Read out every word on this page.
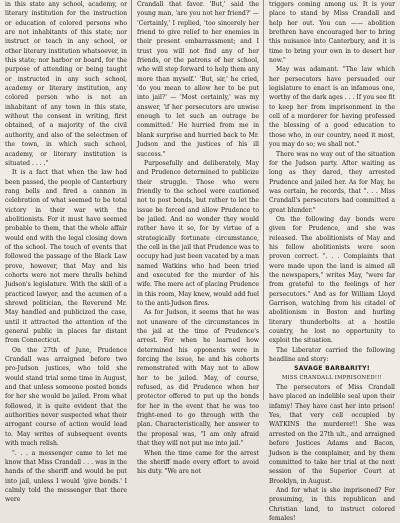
in this state any school, academy, or literary institution for the instruction or education of colored persons who are not inhabitants of this state; nor instruct or teach in any school, or other literary institution whatsoever, in this state; nor harbor or board, for the purpose of attending or being taught or instructed in any such school, academy or literary institution, any colored person who is not an inhabitant of any town in this state, without the consent in writing, first obtained, of a majority of the civil authority, and also of the selectmen of the town, in which such school, academy, or literary institution is situated . . . ."

It is a fact that when the law had been passed, the people of Canterbury rang bells and fired a cannon in celebration of what seemed to be total victory in their war with the abolitionists. For it must have seemed probable to them, that the whole affair would end with the legal closing down of the school. The touch of events that followed the passage of the Black Law prove, however, that May and his cohorts were not mere thralls behind Judson's legislature. With the skill of a practiced lawyer, and the acumen of a shrewd politician, the Reverend Mr. May handled and publicized the case, until it attracted the attention of the general public in places far distant from Connecticut.

On the 27th of June, Prudence Crandall was arraigned before two pro-Judson justices, who told she would stand trial some time in August, and that unless someone posted bonds for her she would be jailed. From what followed, it is quite evident that the authorities never suspected what their arrogant course of action would lead to. May writes of subsequent events with much relish.

". . . a messenger came to let me know that Miss Crandall . . . was in the hands of the sheriff and would be put into jail, unless I would 'give bonds.' I calmly told the messenger that there were

Crandall that favor. 'But,' said the young man, 'are you not her friend?' — 'Certainly,' I replied, 'too sincerely her friend to give relief to her enemies in their present embarrassment; and I trust you will not find any of her friends, or the patrons of her school, who will step forward to help them any more than myself.' 'But, sir,' he cried, 'do you mean to allow her to be put into jail?' — 'Most certainly,' was my answer, 'if her persecutors are unwise enough to let such an outrage be committed.' He hurried from me in blank surprise and hurried back to Mr. Judson and the justices of his ill success."

Purposefully and deliberately, May and Prudence determined to publicize their struggle. Those who were friendly to the school were cautioned not to post bonds, but rather to let the issue be forced and allow Prudence to be jailed. And no wonder they would rather have it so, for by virtue of a strategically fortunate circumstance, the cell in the jail that Prudence was to occupy had just been vacated by a man named Watkins who had been tried and executed for the murder of his wife. The mere act of placing Prudence in this room, May knew, would add fuel to the anti-Judson fires.

As for Judson, it seems that he was not unaware of the circumstances in the jail at the time of Prudence's arrest. For when he learned how determined his opponents were in forcing the issue, he and his cohorts remonstrated with May not to allow her to be jailed. May, of course, refused, as did Prudence when her protector offered to put up the bonds for her in the event that he was too fright-ened to go through with the plan. Characteristically, her answer to the proposal was, "I am only afraid that they will not put me into jail."

When the time came for the arrest the sheriff made every effort to avoid his duty. "We are not

triggers coming among us. It is your place to stand by Miss Crandall and help her out. You can —— abolition brethren have encouraged her to bring this nuisance into Canterbury, and it is time to bring your own in to desert her now."

May was adamant. "The law which her persecutors have persuaded our legislature to enact is an infamous one, worthy of the dark ages . . . If you see fit to keep her from imprisonment in the cell of a murderer for having professed the blessing of a good education to those who, in our country, need it most, you may do so; we shall not."

There was no way out of the situation for the Judson party. After waiting as long as they dared, they arrested Prudence and jailed her. As for May, he was certain, he records, that ". . . Miss Crandall's persecutors had committed a great blunder."

On the following day bonds were given for Prudence, and she was released. The abolitionists of May and his fellow abolitionists were soon proven correct. ". . . Complaints that were made upon the land is aimed all the newspapers," writes May, "were far from grateful to the feelings of her persecutors." And as for William Lloyd Garrison, watching from his citadel of abolitionism in Boston and hurling literary thunderbolts at a hostile country, he lost no opportunity to exploit the situation.

The Liberator carried the following headline and story:

SAVAGE BARBARITY!

MISS CRANDALL IMPRISONED!!!

The persecutors of Miss Crandall have placed an indelible seal upon their infamy! They have cast her into prison! Yes, that very cell occupied by WATKINS the murderer!! She was arrested on the 27th ult., and arraigned before Justices Adams and Bacon, Judson is the complainer, and by them committed to take her trial at the next session of the Superior Court at Brooklyn, in August.

And for what is she imprisoned? For presuming, in this republican and Christian land, to instruct colored females!
